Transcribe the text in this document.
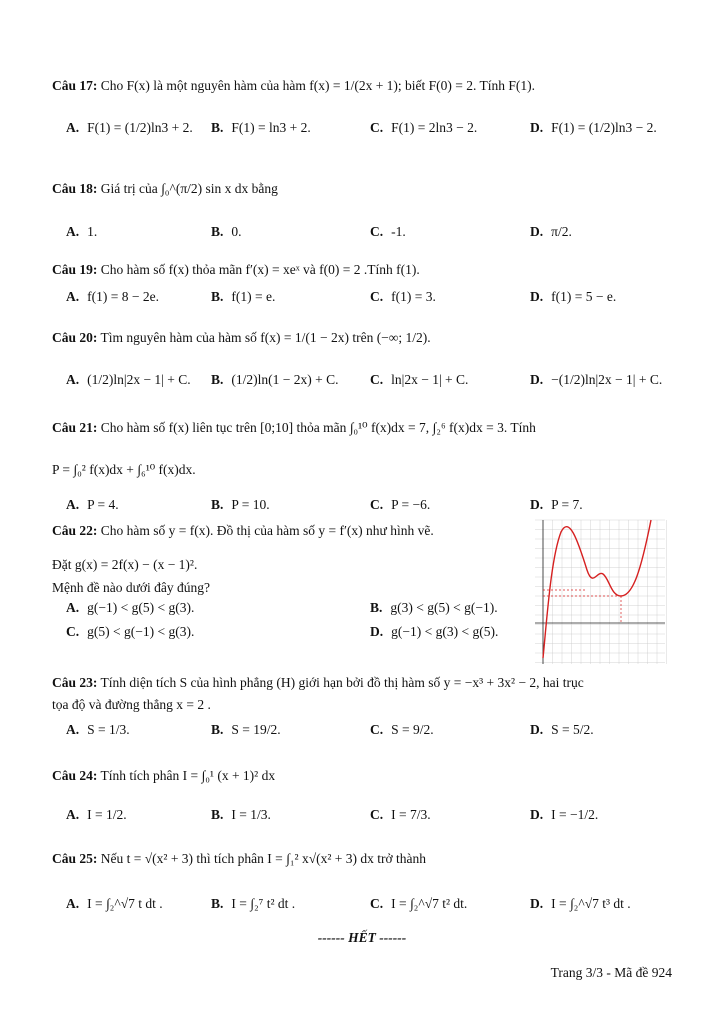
Câu 17: Cho F(x) là một nguyên hàm của hàm f(x) = 1/(2x + 1); biết F(0) = 2. Tính F(1).
A. F(1) = (1/2)ln3 + 2. B. F(1) = ln3 + 2.	C. F(1) = 2ln3 − 2.	D. F(1) = (1/2)ln3 − 2.
Câu 18: Giá trị của ∫₀^(π/2) sin x dx bằng
A. 1.	B. 0.	C. -1.	D. π/2.
Câu 19: Cho hàm số f(x) thỏa mãn f′(x) = xeˣ và f(0) = 2 .Tính f(1).
A. f(1) = 8 − 2e.	B. f(1) = e.	C. f(1) = 3.	D. f(1) = 5 − e.
Câu 20: Tìm nguyên hàm của hàm số f(x) = 1/(1 − 2x) trên (−∞; 1/2).
A. (1/2)ln|2x − 1| + C. B. (1/2)ln(1 − 2x) + C. C. ln|2x − 1| + C.	D. −(1/2)ln|2x − 1| + C.
Câu 21: Cho hàm số f(x) liên tục trên [0;10] thỏa mãn ∫₀¹⁰ f(x)dx = 7, ∫₂⁶ f(x)dx = 3. Tính
P = ∫₀² f(x)dx + ∫₆¹⁰ f(x)dx.
A. P = 4.	B. P = 10.	C. P = −6.	D. P = 7.
Câu 22: Cho hàm số y = f(x). Đồ thị của hàm số y = f′(x) như hình vẽ.
Đặt g(x) = 2f(x) − (x − 1)².
Mệnh đề nào dưới đây đúng?
A. g(−1) < g(5) < g(3).	B. g(3) < g(5) < g(−1).
C. g(5) < g(−1) < g(3).	D. g(−1) < g(3) < g(5).
Câu 23: Tính diện tích S của hình phẳng (H) giới hạn bởi đồ thị hàm số y = −x³ + 3x² − 2, hai trục
tọa độ và đường thẳng x = 2 .
A. S = 1/3.	B. S = 19/2.	C. S = 9/2.	D. S = 5/2.
Câu 24: Tính tích phân I = ∫₀¹ (x + 1)² dx
A. I = 1/2.	B. I = 1/3.	C. I = 7/3.	D. I = −1/2.
Câu 25: Nếu t = √(x² + 3) thì tích phân I = ∫₁² x√(x² + 3) dx trở thành
A. I = ∫₂^√7 t dt .	B. I = ∫₂⁷ t² dt .	C. I = ∫₂^√7 t² dt.	D. I = ∫₂^√7 t³ dt .
------ HẾT ------
Trang 3/3 - Mã đề 924
